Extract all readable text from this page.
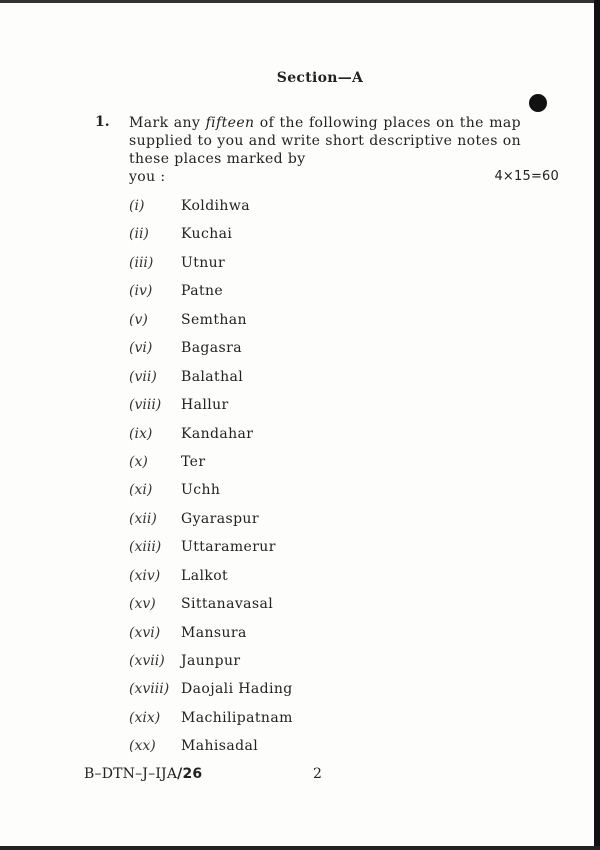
Section—A
1. Mark any fifteen of the following places on the map supplied to you and write short descriptive notes on these places marked by
you :	4×15=60
(i)	Koldihwa
(ii)	Kuchai
(iii)	Utnur
(iv)	Patne
(v)	Semthan
(vi)	Bagasra
(vii)	Balathal
(viii)	Hallur
(ix)	Kandahar
(x)	Ter
(xi)	Uchh
(xii)	Gyaraspur
(xiii)	Uttaramerur
(xiv)	Lalkot
(xv)	Sittanavasal
(xvi)	Mansura
(xvii)	Jaunpur
(xviii) Daojali Hading
(xix)	Machilipatnam
(xx)	Mahisadal
B–DTN–J–IJA/26	2
